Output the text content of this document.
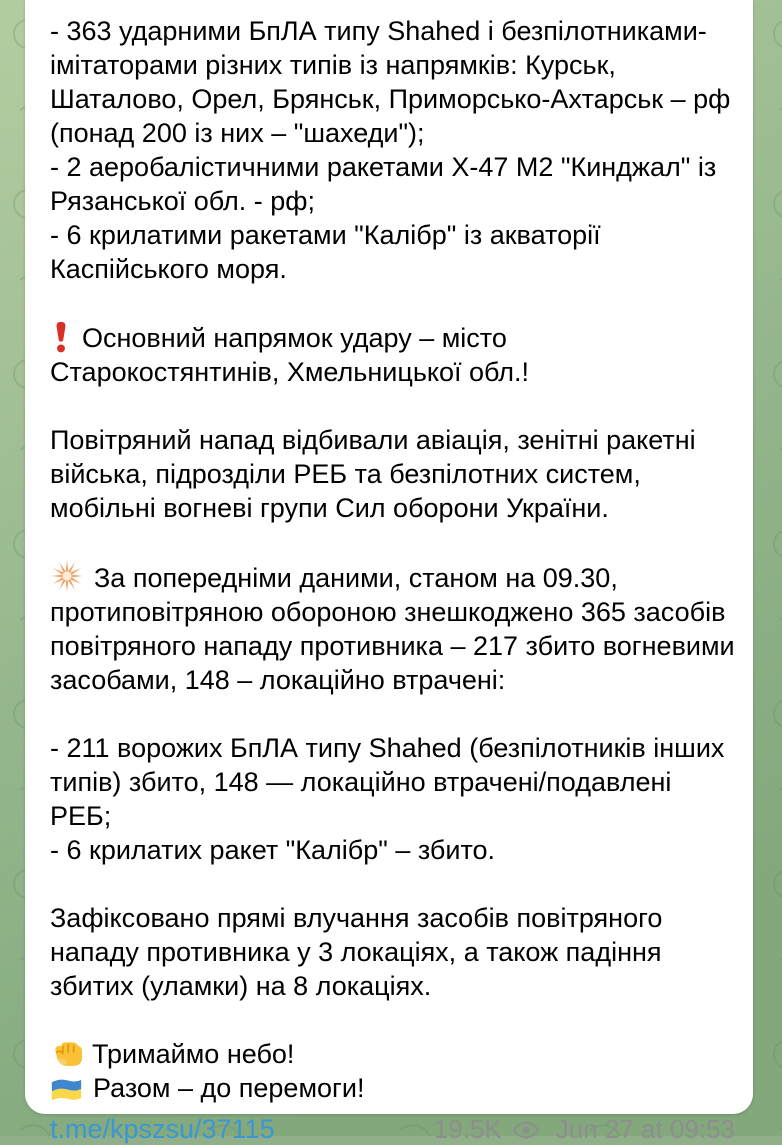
- 363 ударними БпЛА типу Shahed і безпілотниками-імітаторами різних типів із напрямків: Курськ, Шаталово, Орел, Брянськ, Приморсько-Ахтарськ – рф (понад 200 із них – "шахеди");
- 2 аеробалістичними ракетами Х-47 М2 "Кинджал" із Рязанської обл. - рф;
- 6 крилатими ракетами "Калібр" із акваторії Каспійського моря.
Основний напрямок удару – місто Старокостянтинів, Хмельницької обл.!
Повітряний напад відбивали авіація, зенітні ракетні війська, підрозділи РЕБ та безпілотних систем, мобільні вогневі групи Сил оборони України.
За попередніми даними, станом на 09.30, протиповітряною обороною знешкоджено 365 засобів повітряного нападу противника – 217 збито вогневими засобами, 148 – локаційно втрачені:
- 211 ворожих БпЛА типу Shahed (безпілотників інших типів) збито, 148 — локаційно втрачені/подавлені РЕБ;
- 6 крилатих ракет "Калібр" – збито.
Зафіксовано прямі влучання засобів повітряного нападу противника у 3 локаціях, а також падіння збитих (уламки) на 8 локаціях.
Тримаймо небо!
Разом – до перемоги!
t.me/kpszsu/37115	19.5K Jun 27 at 09:53
